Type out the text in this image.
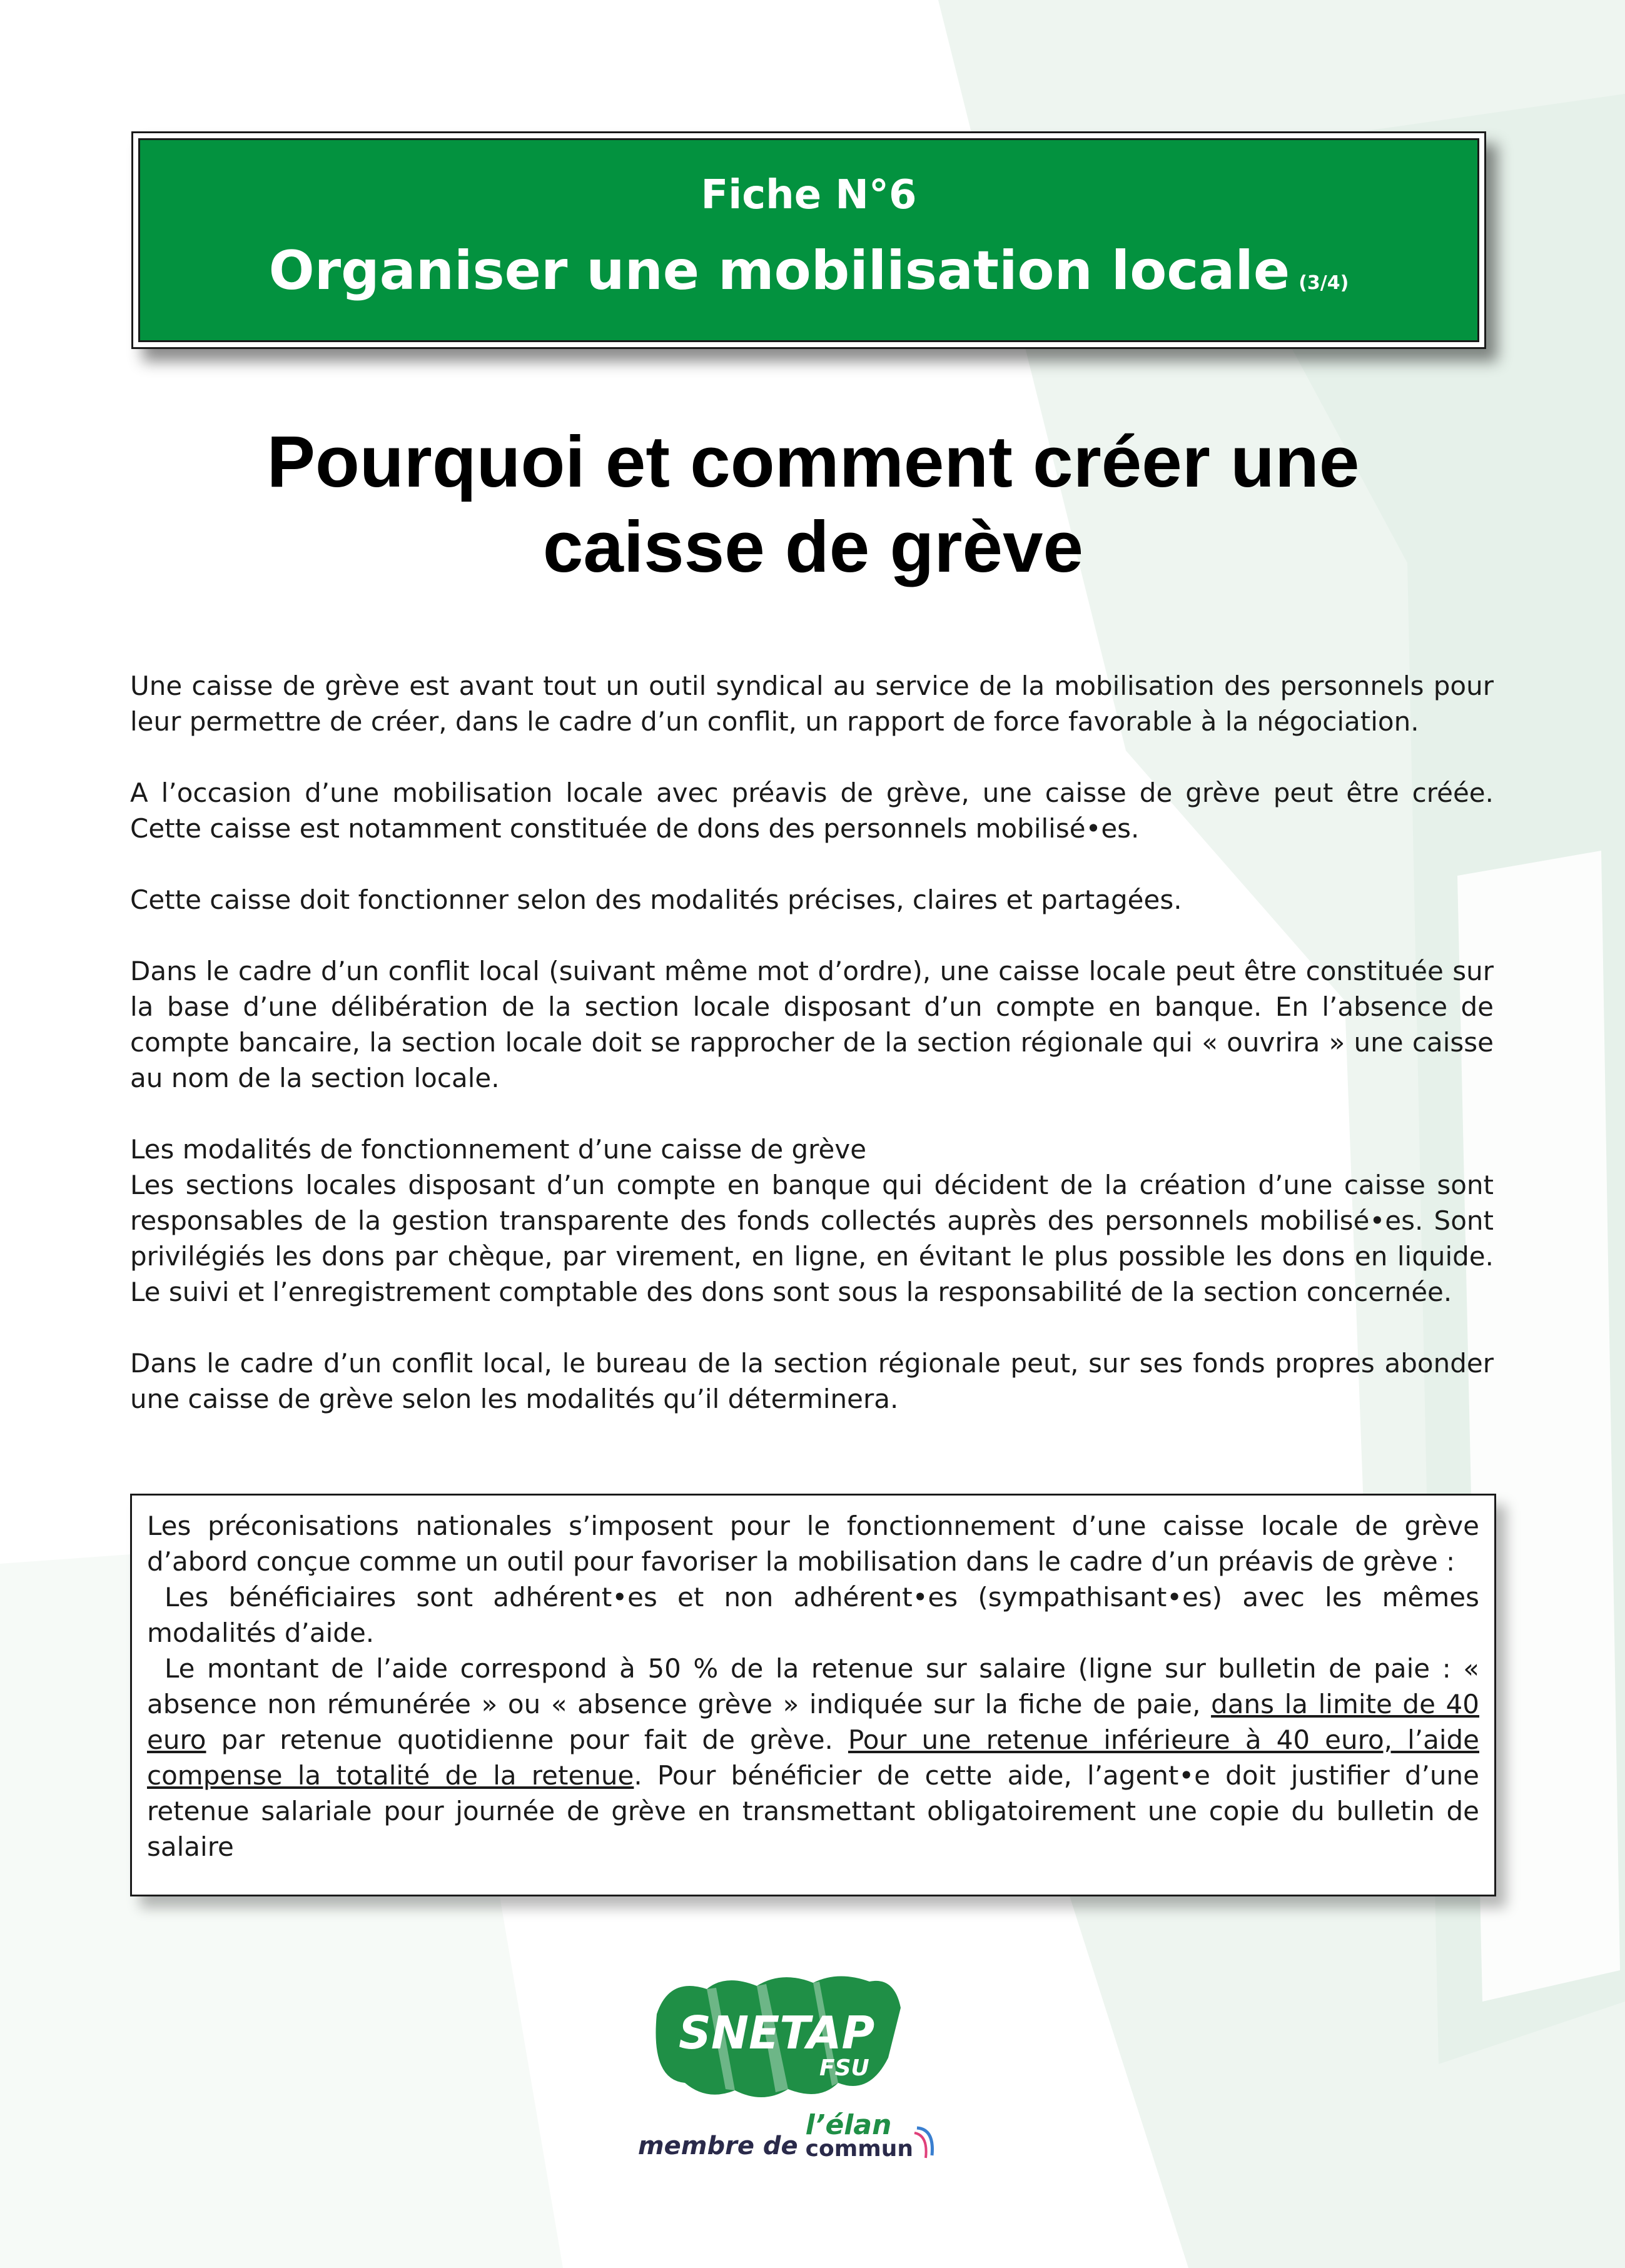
Fiche N°6
Organiser une mobilisation locale (3/4)
Pourquoi et comment créer une
caisse de grève

Une caisse de grève est avant tout un outil syndical au service de la mobilisation des personnels pour leur permettre de créer, dans le cadre d’un conflit, un rapport de force favorable à la négociation.

A l’occasion d’une mobilisation locale avec préavis de grève, une caisse de grève peut être créée. Cette caisse est notamment constituée de dons des personnels mobilisé•es.

Cette caisse doit fonctionner selon des modalités précises, claires et partagées.

Dans le cadre d’un conflit local (suivant même mot d’ordre), une caisse locale peut être constituée sur la base d’une délibération de la section locale disposant d’un compte en banque. En l’absence de compte bancaire, la section locale doit se rapprocher de la section régionale qui « ouvrira » une caisse au nom de la section locale.

Les modalités de fonctionnement d’une caisse de grève
Les sections locales disposant d’un compte en banque qui décident de la création d’une caisse sont responsables de la gestion transparente des fonds collectés auprès des personnels mobilisé•es. Sont privilégiés les dons par chèque, par virement, en ligne, en évitant le plus possible les dons en liquide. Le suivi et l’enregistrement comptable des dons sont sous la responsabilité de la section concernée.

Dans le cadre d’un conflit local, le bureau de la section régionale peut, sur ses fonds propres abonder une caisse de grève selon les modalités qu’il déterminera.

Les préconisations nationales s’imposent pour le fonctionnement d’une caisse locale de grève d’abord conçue comme un outil pour favoriser la mobilisation dans le cadre d’un préavis de grève :

Les bénéficiaires sont adhérent•es et non adhérent•es (sympathisant•es) avec les mêmes modalités d’aide.

Le montant de l’aide correspond à 50 % de la retenue sur salaire (ligne sur bulletin de paie : « absence non rémunérée » ou « absence grève » indiquée sur la fiche de paie, dans la limite de 40 euro par retenue quotidienne pour fait de grève. Pour une retenue inférieure à 40 euro, l’aide compense la totalité de la retenue. Pour bénéficier de cette aide, l’agent•e doit justifier d’une retenue salariale pour journée de grève en transmettant obligatoirement une copie du bulletin de salaire

SNETAP
FSU
membre de
l’élan
commun
